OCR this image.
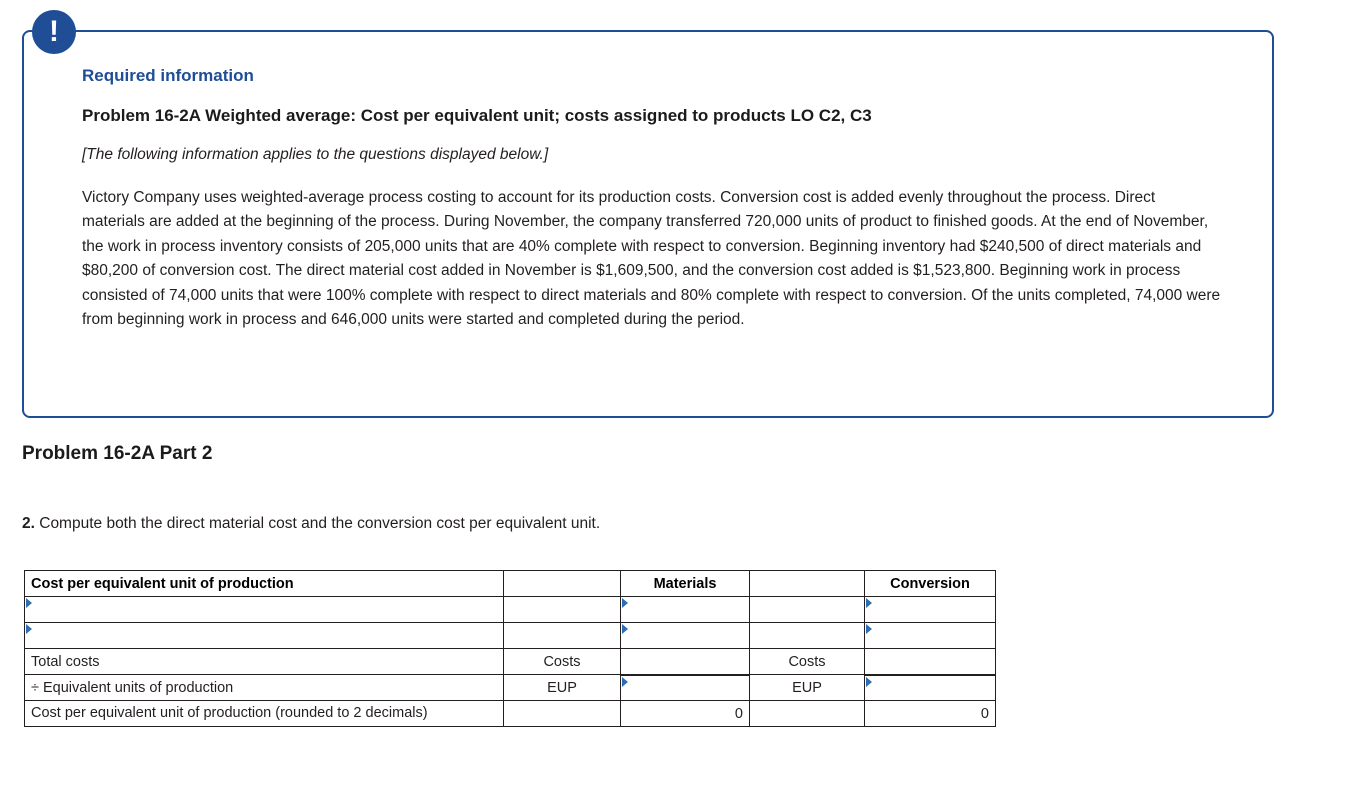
!
Required information
Problem 16-2A Weighted average: Cost per equivalent unit; costs assigned to products LO C2, C3
[The following information applies to the questions displayed below.]

Victory Company uses weighted-average process costing to account for its production costs. Conversion cost is added evenly throughout the process. Direct materials are added at the beginning of the process. During November, the company transferred 720,000 units of product to finished goods. At the end of November, the work in process inventory consists of 205,000 units that are 40% complete with respect to conversion. Beginning inventory had $240,500 of direct materials and $80,200 of conversion cost. The direct material cost added in November is $1,609,500, and the conversion cost added is $1,523,800. Beginning work in process consisted of 74,000 units that were 100% complete with respect to direct materials and 80% complete with respect to conversion. Of the units completed, 74,000 were from beginning work in process and 646,000 units were started and completed during the period.

Problem 16-2A Part 2
2. Compute both the direct material cost and the conversion cost per equivalent unit.
Cost per equivalent unit of production		Materials		Conversion

Total costs	Costs		Costs	
÷ Equivalent units of production	EUP		EUP	
Cost per equivalent unit of production (rounded to 2 decimals)		0		0
